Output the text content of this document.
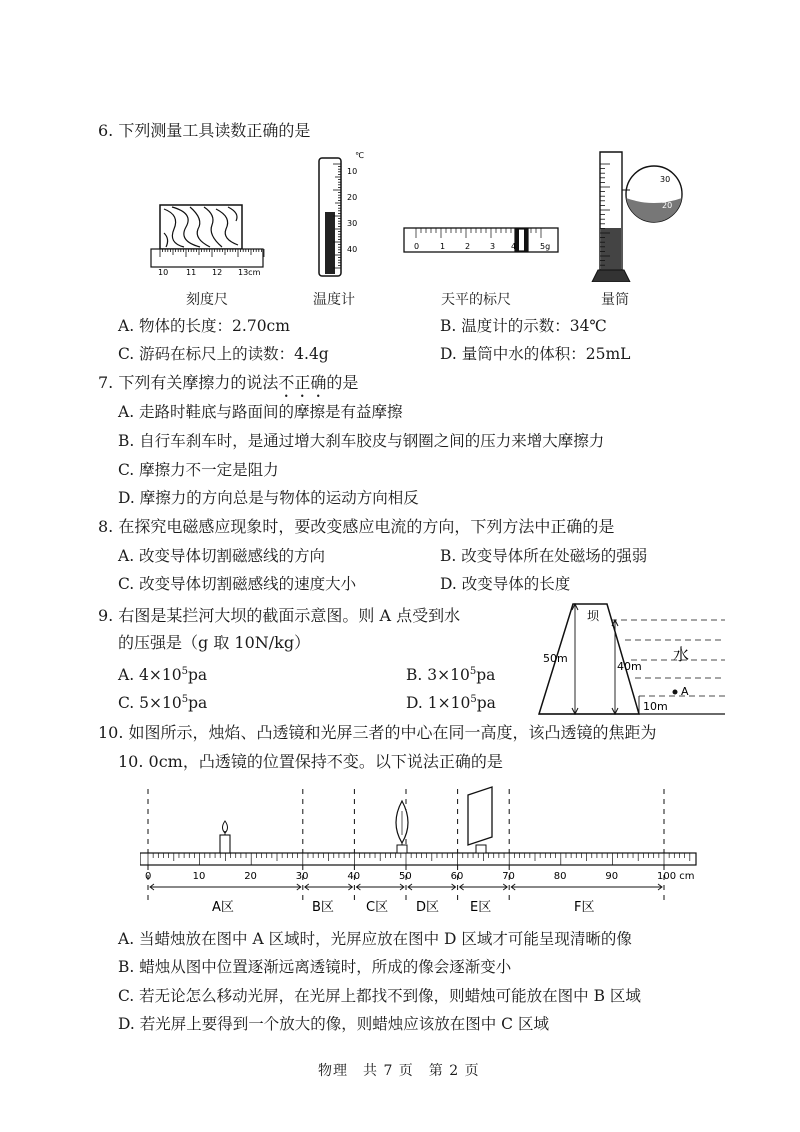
6. 下列测量工具读数正确的是
10 11 12 13cm
℃
10
20
30
40	0	1 2 3 4	5g
30
20
刻度尺	温度计	天平的标尺	量筒
A. 物体的长度：2.70cm	B. 温度计的示数：34℃
C. 游码在标尺上的读数：4.4g	D. 量筒中水的体积：25mL
7. 下列有关摩擦力的说法不正确的是
A. 走路时鞋底与路面间的摩擦是有益摩擦
B. 自行车刹车时，是通过增大刹车胶皮与钢圈之间的压力来增大摩擦力
C. 摩擦力不一定是阻力
D. 摩擦力的方向总是与物体的运动方向相反
8. 在探究电磁感应现象时，要改变感应电流的方向，下列方法中正确的是
A. 改变导体切割磁感线的方向	B. 改变导体所在处磁场的强弱
C. 改变导体切割磁感线的速度大小	D. 改变导体的长度
9. 右图是某拦河大坝的截面示意图。则 A 点受到水
的压强是（g 取 10N/kg）
A. $4\times 10^5pa$	B. $3\times 10^5pa$
C. $5\times 10^5pa$	D. $1\times 10^5pa$
坝
水
50m
40m
10m
A
10. 如图所示，烛焰、凸透镜和光屏三者的中心在同一高度，该凸透镜的焦距为
10. 0cm，凸透镜的位置保持不变。以下说法正确的是
0	10	20	30	40	50	60	70	80	90	100 cm
A区	B区 C区 D区 E区	F区
A. 当蜡烛放在图中 A 区域时，光屏应放在图中 D 区域才可能呈现清晰的像
B. 蜡烛从图中位置逐渐远离透镜时，所成的像会逐渐变小
C. 若无论怎么移动光屏，在光屏上都找不到像，则蜡烛可能放在图中 B 区域
D. 若光屏上要得到一个放大的像，则蜡烛应该放在图中 C 区域
物理　共 7 页　第 2 页
